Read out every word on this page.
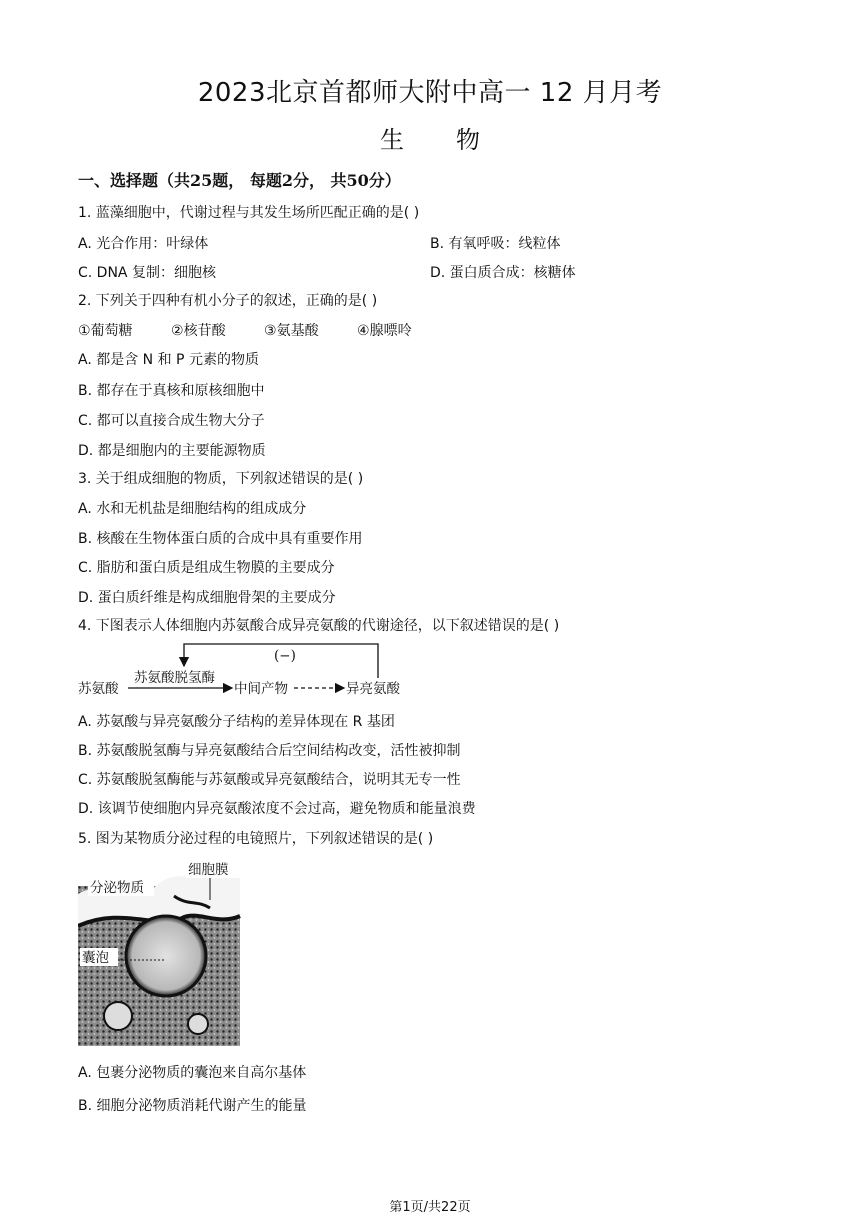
2023北京首都师大附中高一 12 月月考
生物
一、选择题（共25题， 每题2分， 共50分）
1. 蓝藻细胞中，代谢过程与其发生场所匹配正确的是( )
A. 光合作用：叶绿体	B. 有氧呼吸：线粒体
C. DNA 复制：细胞核	D. 蛋白质合成：核糖体
2. 下列关于四种有机小分子的叙述，正确的是( )
①葡萄糖	②核苷酸	③氨基酸	④腺嘌呤
A. 都是含 N 和 P 元素的物质
B. 都存在于真核和原核细胞中
C. 都可以直接合成生物大分子
D. 都是细胞内的主要能源物质
3. 关于组成细胞的物质，下列叙述错误的是( )
A. 水和无机盐是细胞结构的组成成分
B. 核酸在生物体蛋白质的合成中具有重要作用
C. 脂肪和蛋白质是组成生物膜的主要成分
D. 蛋白质纤维是构成细胞骨架的主要成分
4. 下图表示人体细胞内苏氨酸合成异亮氨酸的代谢途径，以下叙述错误的是( )
苏氨酸
苏氨酸脱氢酶
中间产物	异亮氨酸
(−)
A. 苏氨酸与异亮氨酸分子结构的差异体现在 R 基团
B. 苏氨酸脱氢酶与异亮氨酸结合后空间结构改变，活性被抑制
C. 苏氨酸脱氢酶能与苏氨酸或异亮氨酸结合，说明其无专一性
D. 该调节使细胞内异亮氨酸浓度不会过高，避免物质和能量浪费
5. 图为某物质分泌过程的电镜照片，下列叙述错误的是( )
细胞膜
分泌物质
囊泡
A. 包裹分泌物质的囊泡来自高尔基体
B. 细胞分泌物质消耗代谢产生的能量
第1页/共22页
